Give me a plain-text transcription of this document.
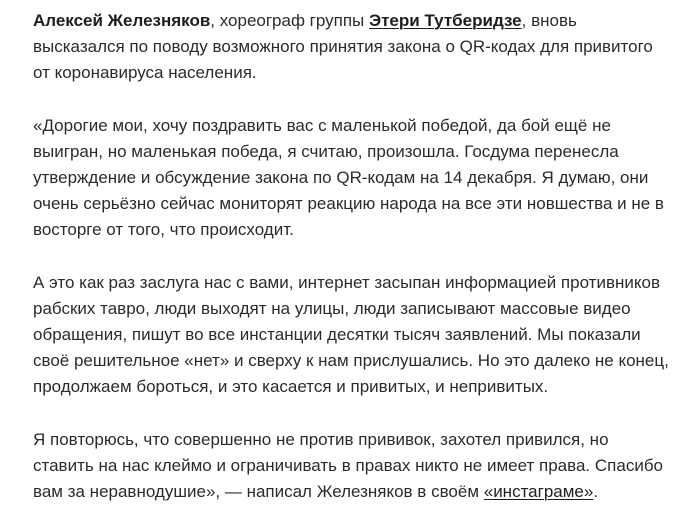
Алексей Железняков, хореограф группы Этери Тутберидзе, вновь высказался по поводу возможного принятия закона о QR-кодах для привитого от коронавируса населения.

«Дорогие мои, хочу поздравить вас с маленькой победой, да бой ещё не выигран, но маленькая победа, я считаю, произошла. Госдума перенесла утверждение и обсуждение закона по QR-кодам на 14 декабря. Я думаю, они очень серьёзно сейчас мониторят реакцию народа на все эти новшества и не в восторге от того, что происходит.

А это как раз заслуга нас с вами, интернет засыпан информацией противников рабских тавро, люди выходят на улицы, люди записывают массовые видео обращения, пишут во все инстанции десятки тысяч заявлений. Мы показали своё решительное «нет» и сверху к нам прислушались. Но это далеко не конец, продолжаем бороться, и это касается и привитых, и непривитых.

Я повторюсь, что совершенно не против прививок, захотел привился, но ставить на нас клеймо и ограничивать в правах никто не имеет права. Спасибо вам за неравнодушие», — написал Железняков в своём «инстаграме».
